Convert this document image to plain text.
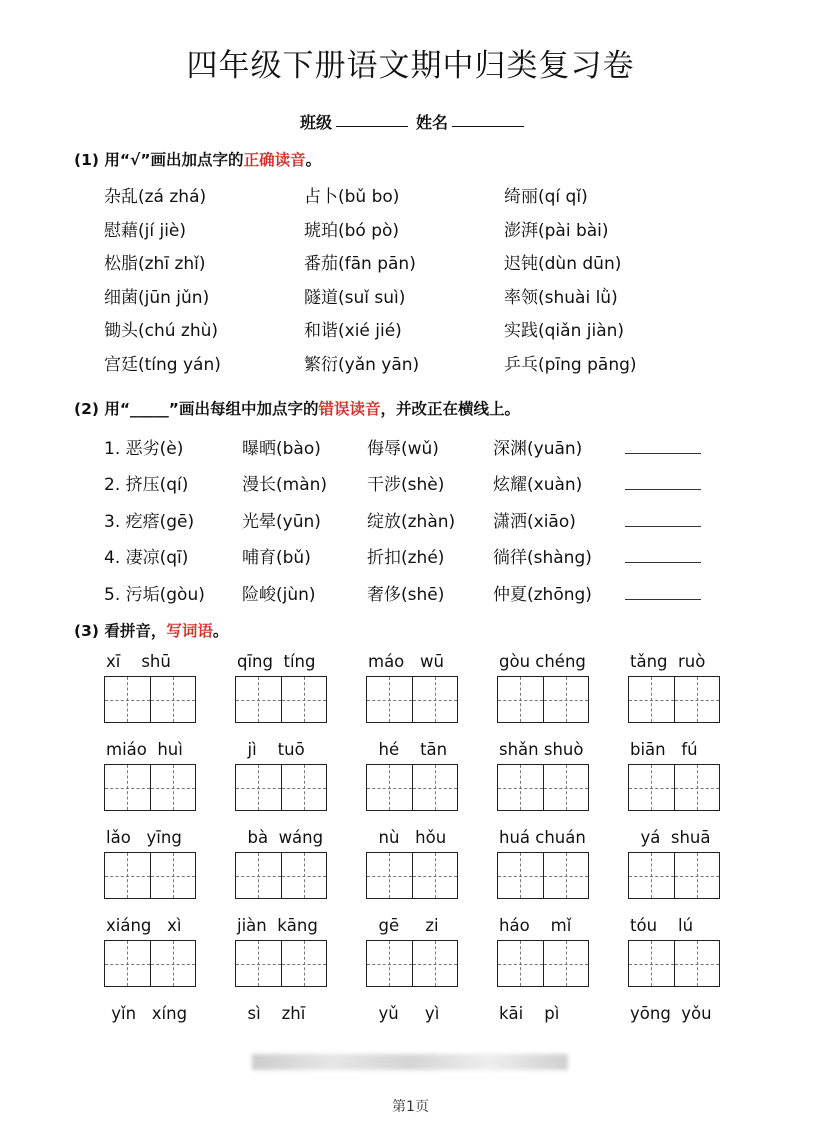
四年级下册语文期中归类复习卷
班级	姓名
(1) 用“√”画出加点字的正确读音。
杂乱(zá zhá)	占卜(bǔ bo)	绮丽(qí qǐ)
慰藉(jí jiè)	琥珀(bó pò)	澎湃(pài bài)
松脂(zhī zhǐ)	番茄(fān pān)	迟钝(dùn dūn)
细菌(jūn jǔn)	隧道(suǐ suì)	率领(shuài lǜ)
锄头(chú zhù)	和谐(xié jié)	实践(qiǎn jiàn)
宫廷(tíng yán)	繁衍(yǎn yān)	乒乓(pīng pāng)
(2) 用“_____”画出每组中加点字的错误读音，并改正在横线上。
1. 恶劣(è)	曝晒(bào)	侮辱(wǔ)	深渊(yuān)
2. 挤压(qí)	漫长(màn)	干涉(shè)	炫耀(xuàn)
3. 疙瘩(gē)	光晕(yūn)	绽放(zhàn)	潇洒(xiāo)
4. 凄凉(qī)	哺育(bǔ)	折扣(zhé)	徜徉(shàng)
5. 污垢(gòu)	险峻(jùn)	奢侈(shē)	仲夏(zhōng)
(3) 看拼音，写词语。
xī    shū	qīng  tíng	máo   wū	gòu chéng	tǎng  ruò
miáo  huì	jì    tuō	hé    tān	shǎn shuò	biān   fú
lǎo   yīng	bà  wáng	nù   hǒu	huá chuán	yá  shuā
xiáng   xì	jiàn  kāng	gē     zi	háo    mǐ	tóu    lú
yǐn   xíng	sì    zhī	yǔ     yì	kāi    pì	yōng  yǒu
第1页
